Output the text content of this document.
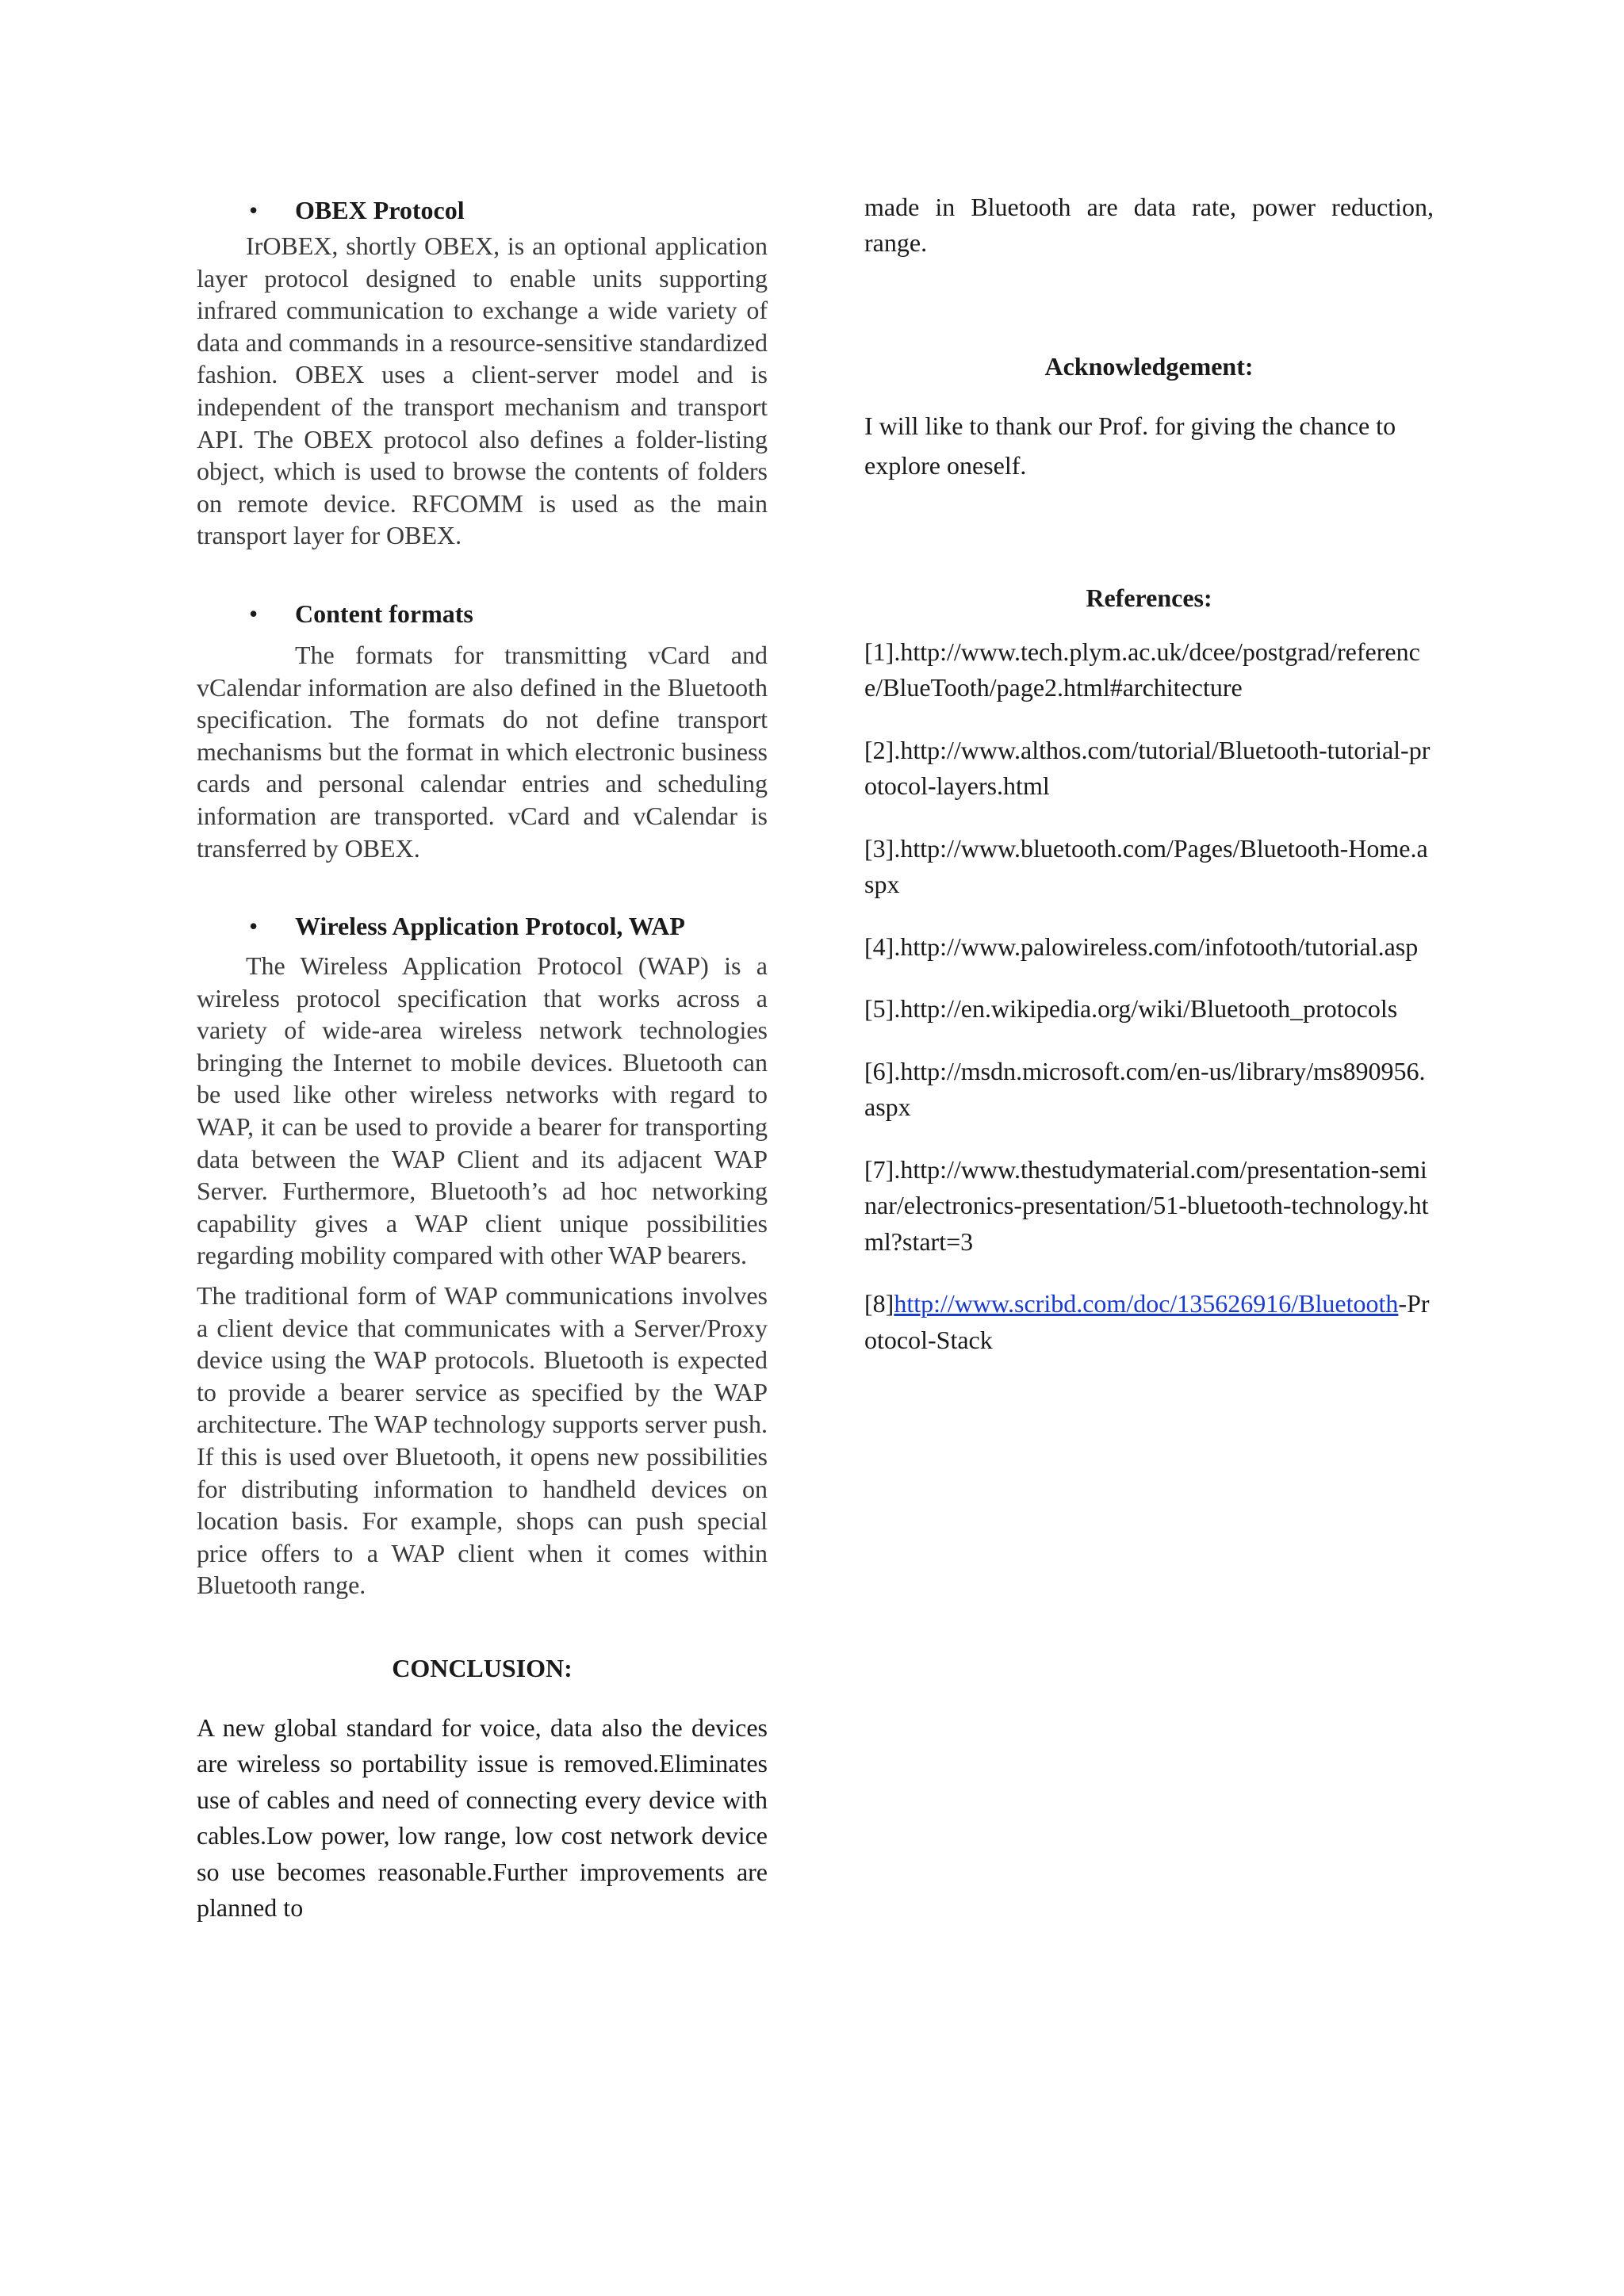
• OBEX Protocol

IrOBEX, shortly OBEX, is an optional application layer protocol designed to enable units supporting infrared communication to exchange a wide variety of data and commands in a resource-sensitive standardized fashion. OBEX uses a client-server model and is independent of the transport mechanism and transport API. The OBEX protocol also defines a folder-listing object, which is used to browse the contents of folders on remote device. RFCOMM is used as the main transport layer for OBEX.

• Content formats

The formats for transmitting vCard and vCalendar information are also defined in the Bluetooth specification. The formats do not define transport mechanisms but the format in which electronic business cards and personal calendar entries and scheduling information are transported. vCard and vCalendar is transferred by OBEX.

• Wireless Application Protocol, WAP

The Wireless Application Protocol (WAP) is a wireless protocol specification that works across a variety of wide-area wireless network technologies bringing the Internet to mobile devices. Bluetooth can be used like other wireless networks with regard to WAP, it can be used to provide a bearer for transporting data between the WAP Client and its adjacent WAP Server. Furthermore, Bluetooth’s ad hoc networking capability gives a WAP client unique possibilities regarding mobility compared with other WAP bearers.

The traditional form of WAP communications involves a client device that communicates with a Server/Proxy device using the WAP protocols. Bluetooth is expected to provide a bearer service as specified by the WAP architecture. The WAP technology supports server push. If this is used over Bluetooth, it opens new possibilities for distributing information to handheld devices on location basis. For example, shops can push special price offers to a WAP client when it comes within Bluetooth range.

CONCLUSION:

A new global standard for voice, data also the devices are wireless so portability issue is removed.Eliminates use of cables and need of connecting every device with cables.Low power, low range, low cost network device so use becomes reasonable.Further improvements are planned to

made in Bluetooth are data rate, power reduction, range.

Acknowledgement:

I will like to thank our Prof. for giving the chance to explore oneself.

References:

[1].http://www.tech.plym.ac.uk/dcee/postgrad/reference/BlueTooth/page2.html#architecture

[2].http://www.althos.com/tutorial/Bluetooth-tutorial-protocol-layers.html

[3].http://www.bluetooth.com/Pages/Bluetooth-Home.aspx

[4].http://www.palowireless.com/infotooth/tutorial.asp

[5].http://en.wikipedia.org/wiki/Bluetooth_protocols

[6].http://msdn.microsoft.com/en-us/library/ms890956.aspx

[7].http://www.thestudymaterial.com/presentation-seminar/electronics-presentation/51-bluetooth-technology.html?start=3

[8]http://www.scribd.com/doc/135626916/Bluetooth-Protocol-Stack
